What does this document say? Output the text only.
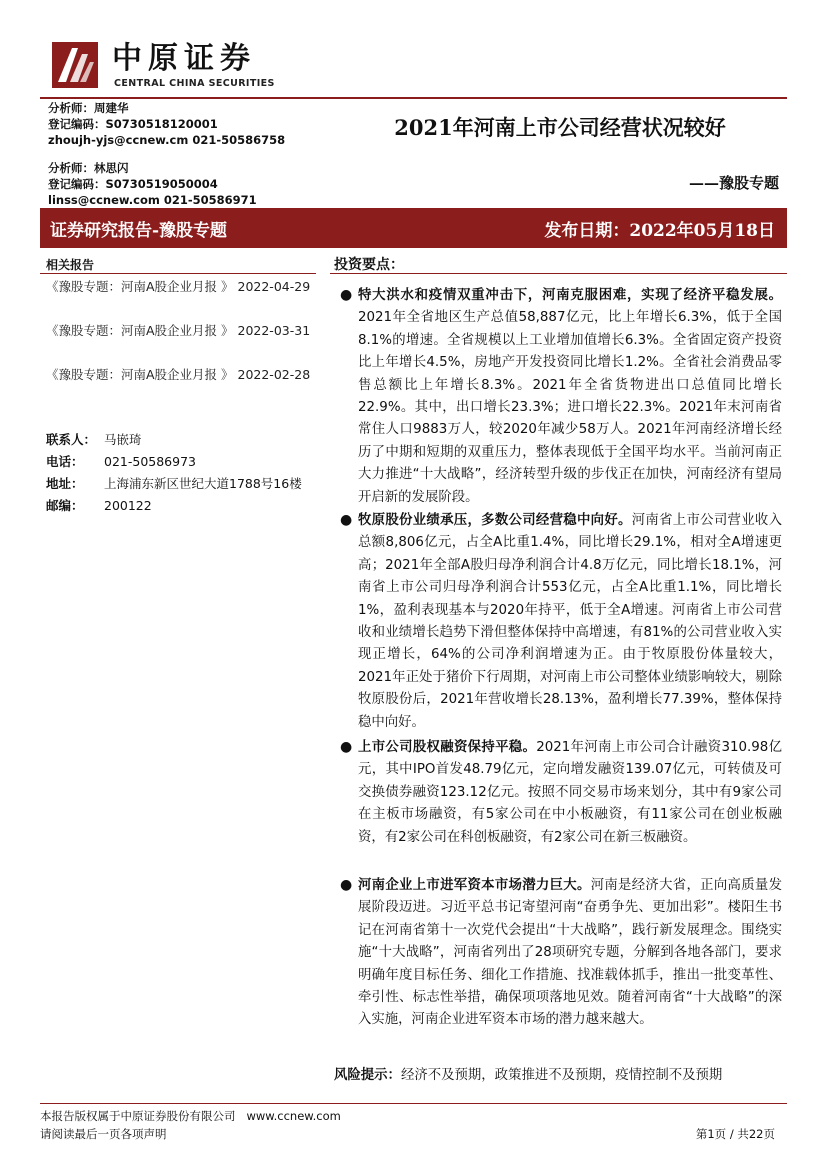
中原证券
CENTRAL CHINA SECURITIES
分析师：周建华
登记编码：S0730518120001
zhoujh-yjs@ccnew.cm 021-50586758
分析师：林思闪
登记编码：S0730519050004
linss@ccnew.com 021-50586971
2021年河南上市公司经营状况较好
——豫股专题
证券研究报告-豫股专题	发布日期：2022年05月18日
相关报告
《豫股专题：河南A股企业月报 》 2022-04-29
《豫股专题：河南A股企业月报 》 2022-03-31
《豫股专题：河南A股企业月报 》 2022-02-28
联系人： 马嵌琦
电话： 021-50586973
地址： 上海浦东新区世纪大道1788号16楼
邮编： 200122
投资要点：
● 特大洪水和疫情双重冲击下，河南克服困难，实现了经济平稳发展。2021年全省地区生产总值58,887亿元，比上年增长6.3%，低于全国8.1%的增速。全省规模以上工业增加值增长6.3%。全省固定资产投资比上年增长4.5%，房地产开发投资同比增长1.2%。全省社会消费品零售总额比上年增长8.3%。2021年全省货物进出口总值同比增长22.9%。其中，出口增长23.3%；进口增长22.3%。2021年末河南省常住人口9883万人，较2020年减少58万人。2021年河南经济增长经历了中期和短期的双重压力，整体表现低于全国平均水平。当前河南正大力推进“十大战略”，经济转型升级的步伐正在加快，河南经济有望局开启新的发展阶段。
● 牧原股份业绩承压，多数公司经营稳中向好。河南省上市公司营业收入总额8,806亿元，占全A比重1.4%，同比增长29.1%，相对全A增速更高；2021年全部A股归母净利润合计4.8万亿元，同比增长18.1%，河南省上市公司归母净利润合计553亿元，占全A比重1.1%，同比增长1%，盈利表现基本与2020年持平，低于全A增速。河南省上市公司营收和业绩增长趋势下滑但整体保持中高增速，有81%的公司营业收入实现正增长，64%的公司净利润增速为正。由于牧原股份体量较大，2021年正处于猪价下行周期，对河南上市公司整体业绩影响较大，剔除牧原股份后，2021年营收增长28.13%，盈利增长77.39%，整体保持稳中向好。
● 上市公司股权融资保持平稳。2021年河南上市公司合计融资310.98亿元，其中IPO首发48.79亿元，定向增发融资139.07亿元，可转债及可交换债券融资123.12亿元。按照不同交易市场来划分，其中有9家公司在主板市场融资，有5家公司在中小板融资，有11家公司在创业板融资，有2家公司在科创板融资，有2家公司在新三板融资。
● 河南企业上市进军资本市场潜力巨大。河南是经济大省，正向高质量发展阶段迈进。习近平总书记寄望河南“奋勇争先、更加出彩”。楼阳生书记在河南省第十一次党代会提出“十大战略”，践行新发展理念。围绕实施“十大战略”，河南省列出了28项研究专题，分解到各地各部门，要求明确年度目标任务、细化工作措施、找准载体抓手，推出一批变革性、牵引性、标志性举措，确保项项落地见效。随着河南省“十大战略”的深入实施，河南企业进军资本市场的潜力越来越大。
风险提示：经济不及预期，政策推进不及预期，疫情控制不及预期
本报告版权属于中原证券股份有限公司 www.ccnew.com
请阅读最后一页各项声明	第1页 / 共22页
